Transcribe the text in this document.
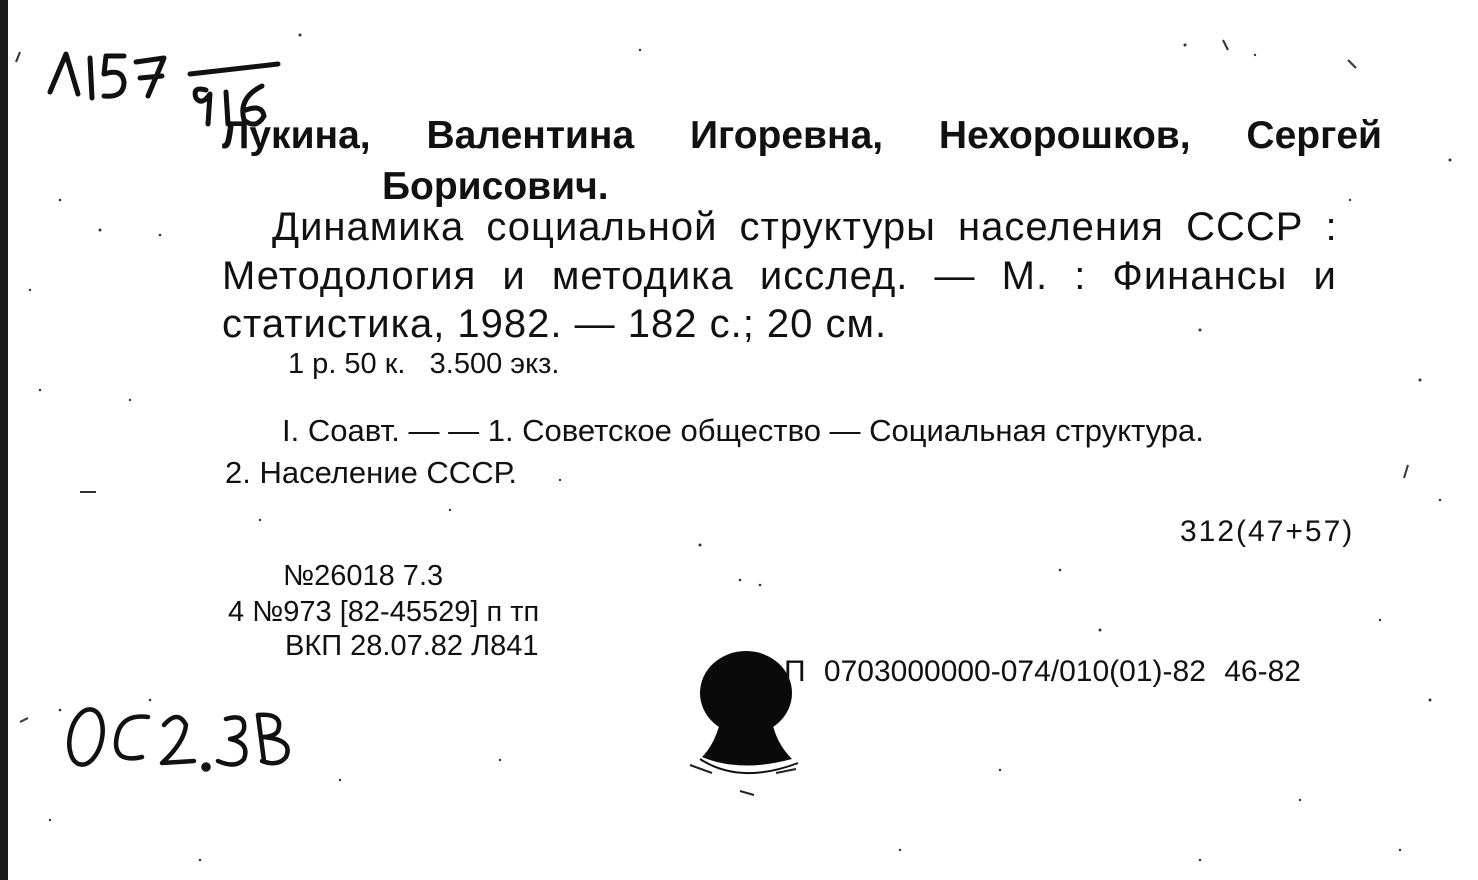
Лукина, Валентина Игоревна, Нехорошков, Сергей
Борисович.
Динамика социальной структуры населения СССР :
Методология и методика исслед. — М. : Финансы и
статистика, 1982. — 182 с.; 20 см.
1 р. 50 к.   3.500 экз.
I. Соавт. — — 1. Советское общество — Социальная структура.
2. Население СССР.
312(47+57)
№26018 7.3
4 №973 [82-45529] п тп
ВКП 28.07.82 Л841
П 0703000000-074/010(01)-82 46-82
